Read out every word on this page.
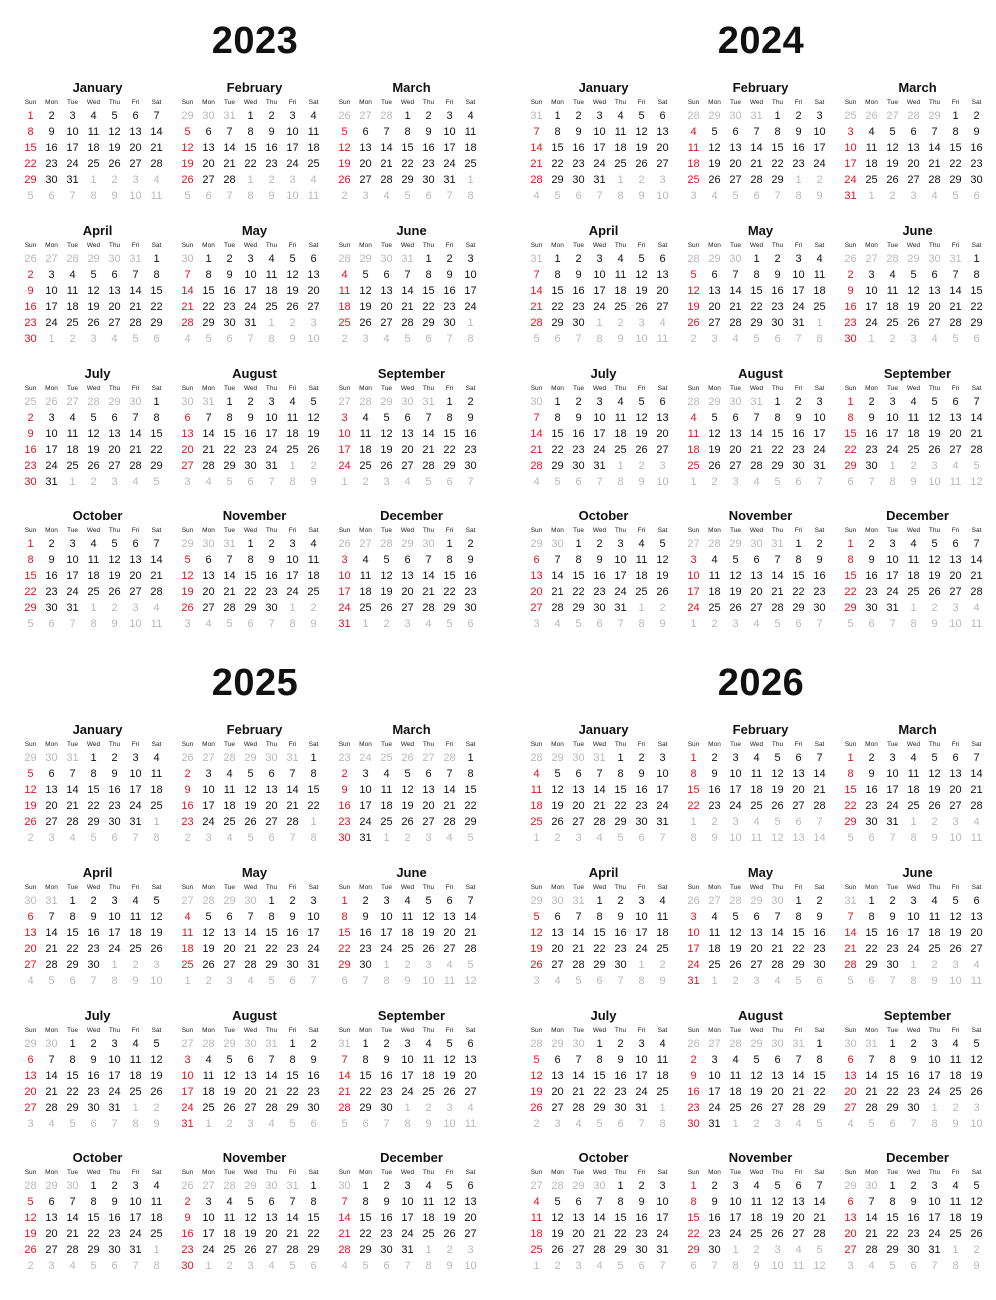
2023
January
Sun	Mon	Tue	Wed	Thu	Fri	Sat
1	2	3	4	5	6	7
8	9	10	11	12	13	14
15	16	17	18	19	20	21
22	23	24	25	26	27	28
29	30	31	1	2	3	4
5	6	7	8	9	10	11
February
Sun	Mon	Tue	Wed	Thu	Fri	Sat
29	30	31	1	2	3	4
5	6	7	8	9	10	11
12	13	14	15	16	17	18
19	20	21	22	23	24	25
26	27	28	1	2	3	4
5	6	7	8	9	10	11
March
Sun	Mon	Tue	Wed	Thu	Fri	Sat
26	27	28	1	2	3	4
5	6	7	8	9	10	11
12	13	14	15	16	17	18
19	20	21	22	23	24	25
26	27	28	29	30	31	1
2	3	4	5	6	7	8
April
Sun	Mon	Tue	Wed	Thu	Fri	Sat
26	27	28	29	30	31	1
2	3	4	5	6	7	8
9	10	11	12	13	14	15
16	17	18	19	20	21	22
23	24	25	26	27	28	29
30	1	2	3	4	5	6
May
Sun	Mon	Tue	Wed	Thu	Fri	Sat
30	1	2	3	4	5	6
7	8	9	10	11	12	13
14	15	16	17	18	19	20
21	22	23	24	25	26	27
28	29	30	31	1	2	3
4	5	6	7	8	9	10
June
Sun	Mon	Tue	Wed	Thu	Fri	Sat
28	29	30	31	1	2	3
4	5	6	7	8	9	10
11	12	13	14	15	16	17
18	19	20	21	22	23	24
25	26	27	28	29	30	1
2	3	4	5	6	7	8
July
Sun	Mon	Tue	Wed	Thu	Fri	Sat
25	26	27	28	29	30	1
2	3	4	5	6	7	8
9	10	11	12	13	14	15
16	17	18	19	20	21	22
23	24	25	26	27	28	29
30	31	1	2	3	4	5
August
Sun	Mon	Tue	Wed	Thu	Fri	Sat
30	31	1	2	3	4	5
6	7	8	9	10	11	12
13	14	15	16	17	18	19
20	21	22	23	24	25	26
27	28	29	30	31	1	2
3	4	5	6	7	8	9
September
Sun	Mon	Tue	Wed	Thu	Fri	Sat
27	28	29	30	31	1	2
3	4	5	6	7	8	9
10	11	12	13	14	15	16
17	18	19	20	21	22	23
24	25	26	27	28	29	30
1	2	3	4	5	6	7
October
Sun	Mon	Tue	Wed	Thu	Fri	Sat
1	2	3	4	5	6	7
8	9	10	11	12	13	14
15	16	17	18	19	20	21
22	23	24	25	26	27	28
29	30	31	1	2	3	4
5	6	7	8	9	10	11
November
Sun	Mon	Tue	Wed	Thu	Fri	Sat
29	30	31	1	2	3	4
5	6	7	8	9	10	11
12	13	14	15	16	17	18
19	20	21	22	23	24	25
26	27	28	29	30	1	2
3	4	5	6	7	8	9
December
Sun	Mon	Tue	Wed	Thu	Fri	Sat
26	27	28	29	30	1	2
3	4	5	6	7	8	9
10	11	12	13	14	15	16
17	18	19	20	21	22	23
24	25	26	27	28	29	30
31	1	2	3	4	5	6
2024
January
Sun	Mon	Tue	Wed	Thu	Fri	Sat
31	1	2	3	4	5	6
7	8	9	10	11	12	13
14	15	16	17	18	19	20
21	22	23	24	25	26	27
28	29	30	31	1	2	3
4	5	6	7	8	9	10
February
Sun	Mon	Tue	Wed	Thu	Fri	Sat
28	29	30	31	1	2	3
4	5	6	7	8	9	10
11	12	13	14	15	16	17
18	19	20	21	22	23	24
25	26	27	28	29	1	2
3	4	5	6	7	8	9
March
Sun	Mon	Tue	Wed	Thu	Fri	Sat
25	26	27	28	29	1	2
3	4	5	6	7	8	9
10	11	12	13	14	15	16
17	18	19	20	21	22	23
24	25	26	27	28	29	30
31	1	2	3	4	5	6
April
Sun	Mon	Tue	Wed	Thu	Fri	Sat
31	1	2	3	4	5	6
7	8	9	10	11	12	13
14	15	16	17	18	19	20
21	22	23	24	25	26	27
28	29	30	1	2	3	4
5	6	7	8	9	10	11
May
Sun	Mon	Tue	Wed	Thu	Fri	Sat
28	29	30	1	2	3	4
5	6	7	8	9	10	11
12	13	14	15	16	17	18
19	20	21	22	23	24	25
26	27	28	29	30	31	1
2	3	4	5	6	7	8
June
Sun	Mon	Tue	Wed	Thu	Fri	Sat
26	27	28	29	30	31	1
2	3	4	5	6	7	8
9	10	11	12	13	14	15
16	17	18	19	20	21	22
23	24	25	26	27	28	29
30	1	2	3	4	5	6
July
Sun	Mon	Tue	Wed	Thu	Fri	Sat
30	1	2	3	4	5	6
7	8	9	10	11	12	13
14	15	16	17	18	19	20
21	22	23	24	25	26	27
28	29	30	31	1	2	3
4	5	6	7	8	9	10
August
Sun	Mon	Tue	Wed	Thu	Fri	Sat
28	29	30	31	1	2	3
4	5	6	7	8	9	10
11	12	13	14	15	16	17
18	19	20	21	22	23	24
25	26	27	28	29	30	31
1	2	3	4	5	6	7
September
Sun	Mon	Tue	Wed	Thu	Fri	Sat
1	2	3	4	5	6	7
8	9	10	11	12	13	14
15	16	17	18	19	20	21
22	23	24	25	26	27	28
29	30	1	2	3	4	5
6	7	8	9	10	11	12
October
Sun	Mon	Tue	Wed	Thu	Fri	Sat
29	30	1	2	3	4	5
6	7	8	9	10	11	12
13	14	15	16	17	18	19
20	21	22	23	24	25	26
27	28	29	30	31	1	2
3	4	5	6	7	8	9
November
Sun	Mon	Tue	Wed	Thu	Fri	Sat
27	28	29	30	31	1	2
3	4	5	6	7	8	9
10	11	12	13	14	15	16
17	18	19	20	21	22	23
24	25	26	27	28	29	30
1	2	3	4	5	6	7
December
Sun	Mon	Tue	Wed	Thu	Fri	Sat
1	2	3	4	5	6	7
8	9	10	11	12	13	14
15	16	17	18	19	20	21
22	23	24	25	26	27	28
29	30	31	1	2	3	4
5	6	7	8	9	10	11
2025
January
Sun	Mon	Tue	Wed	Thu	Fri	Sat
29	30	31	1	2	3	4
5	6	7	8	9	10	11
12	13	14	15	16	17	18
19	20	21	22	23	24	25
26	27	28	29	30	31	1
2	3	4	5	6	7	8
February
Sun	Mon	Tue	Wed	Thu	Fri	Sat
26	27	28	29	30	31	1
2	3	4	5	6	7	8
9	10	11	12	13	14	15
16	17	18	19	20	21	22
23	24	25	26	27	28	1
2	3	4	5	6	7	8
March
Sun	Mon	Tue	Wed	Thu	Fri	Sat
23	24	25	26	27	28	1
2	3	4	5	6	7	8
9	10	11	12	13	14	15
16	17	18	19	20	21	22
23	24	25	26	27	28	29
30	31	1	2	3	4	5
April
Sun	Mon	Tue	Wed	Thu	Fri	Sat
30	31	1	2	3	4	5
6	7	8	9	10	11	12
13	14	15	16	17	18	19
20	21	22	23	24	25	26
27	28	29	30	1	2	3
4	5	6	7	8	9	10
May
Sun	Mon	Tue	Wed	Thu	Fri	Sat
27	28	29	30	1	2	3
4	5	6	7	8	9	10
11	12	13	14	15	16	17
18	19	20	21	22	23	24
25	26	27	28	29	30	31
1	2	3	4	5	6	7
June
Sun	Mon	Tue	Wed	Thu	Fri	Sat
1	2	3	4	5	6	7
8	9	10	11	12	13	14
15	16	17	18	19	20	21
22	23	24	25	26	27	28
29	30	1	2	3	4	5
6	7	8	9	10	11	12
July
Sun	Mon	Tue	Wed	Thu	Fri	Sat
29	30	1	2	3	4	5
6	7	8	9	10	11	12
13	14	15	16	17	18	19
20	21	22	23	24	25	26
27	28	29	30	31	1	2
3	4	5	6	7	8	9
August
Sun	Mon	Tue	Wed	Thu	Fri	Sat
27	28	29	30	31	1	2
3	4	5	6	7	8	9
10	11	12	13	14	15	16
17	18	19	20	21	22	23
24	25	26	27	28	29	30
31	1	2	3	4	5	6
September
Sun	Mon	Tue	Wed	Thu	Fri	Sat
31	1	2	3	4	5	6
7	8	9	10	11	12	13
14	15	16	17	18	19	20
21	22	23	24	25	26	27
28	29	30	1	2	3	4
5	6	7	8	9	10	11
October
Sun	Mon	Tue	Wed	Thu	Fri	Sat
28	29	30	1	2	3	4
5	6	7	8	9	10	11
12	13	14	15	16	17	18
19	20	21	22	23	24	25
26	27	28	29	30	31	1
2	3	4	5	6	7	8
November
Sun	Mon	Tue	Wed	Thu	Fri	Sat
26	27	28	29	30	31	1
2	3	4	5	6	7	8
9	10	11	12	13	14	15
16	17	18	19	20	21	22
23	24	25	26	27	28	29
30	1	2	3	4	5	6
December
Sun	Mon	Tue	Wed	Thu	Fri	Sat
30	1	2	3	4	5	6
7	8	9	10	11	12	13
14	15	16	17	18	19	20
21	22	23	24	25	26	27
28	29	30	31	1	2	3
4	5	6	7	8	9	10
2026
January
Sun	Mon	Tue	Wed	Thu	Fri	Sat
28	29	30	31	1	2	3
4	5	6	7	8	9	10
11	12	13	14	15	16	17
18	19	20	21	22	23	24
25	26	27	28	29	30	31
1	2	3	4	5	6	7
February
Sun	Mon	Tue	Wed	Thu	Fri	Sat
1	2	3	4	5	6	7
8	9	10	11	12	13	14
15	16	17	18	19	20	21
22	23	24	25	26	27	28
1	2	3	4	5	6	7
8	9	10	11	12	13	14
March
Sun	Mon	Tue	Wed	Thu	Fri	Sat
1	2	3	4	5	6	7
8	9	10	11	12	13	14
15	16	17	18	19	20	21
22	23	24	25	26	27	28
29	30	31	1	2	3	4
5	6	7	8	9	10	11
April
Sun	Mon	Tue	Wed	Thu	Fri	Sat
29	30	31	1	2	3	4
5	6	7	8	9	10	11
12	13	14	15	16	17	18
19	20	21	22	23	24	25
26	27	28	29	30	1	2
3	4	5	6	7	8	9
May
Sun	Mon	Tue	Wed	Thu	Fri	Sat
26	27	28	29	30	1	2
3	4	5	6	7	8	9
10	11	12	13	14	15	16
17	18	19	20	21	22	23
24	25	26	27	28	29	30
31	1	2	3	4	5	6
June
Sun	Mon	Tue	Wed	Thu	Fri	Sat
31	1	2	3	4	5	6
7	8	9	10	11	12	13
14	15	16	17	18	19	20
21	22	23	24	25	26	27
28	29	30	1	2	3	4
5	6	7	8	9	10	11
July
Sun	Mon	Tue	Wed	Thu	Fri	Sat
28	29	30	1	2	3	4
5	6	7	8	9	10	11
12	13	14	15	16	17	18
19	20	21	22	23	24	25
26	27	28	29	30	31	1
2	3	4	5	6	7	8
August
Sun	Mon	Tue	Wed	Thu	Fri	Sat
26	27	28	29	30	31	1
2	3	4	5	6	7	8
9	10	11	12	13	14	15
16	17	18	19	20	21	22
23	24	25	26	27	28	29
30	31	1	2	3	4	5
September
Sun	Mon	Tue	Wed	Thu	Fri	Sat
30	31	1	2	3	4	5
6	7	8	9	10	11	12
13	14	15	16	17	18	19
20	21	22	23	24	25	26
27	28	29	30	1	2	3
4	5	6	7	8	9	10
October
Sun	Mon	Tue	Wed	Thu	Fri	Sat
27	28	29	30	1	2	3
4	5	6	7	8	9	10
11	12	13	14	15	16	17
18	19	20	21	22	23	24
25	26	27	28	29	30	31
1	2	3	4	5	6	7
November
Sun	Mon	Tue	Wed	Thu	Fri	Sat
1	2	3	4	5	6	7
8	9	10	11	12	13	14
15	16	17	18	19	20	21
22	23	24	25	26	27	28
29	30	1	2	3	4	5
6	7	8	9	10	11	12
December
Sun	Mon	Tue	Wed	Thu	Fri	Sat
29	30	1	2	3	4	5
6	7	8	9	10	11	12
13	14	15	16	17	18	19
20	21	22	23	24	25	26
27	28	29	30	31	1	2
3	4	5	6	7	8	9
